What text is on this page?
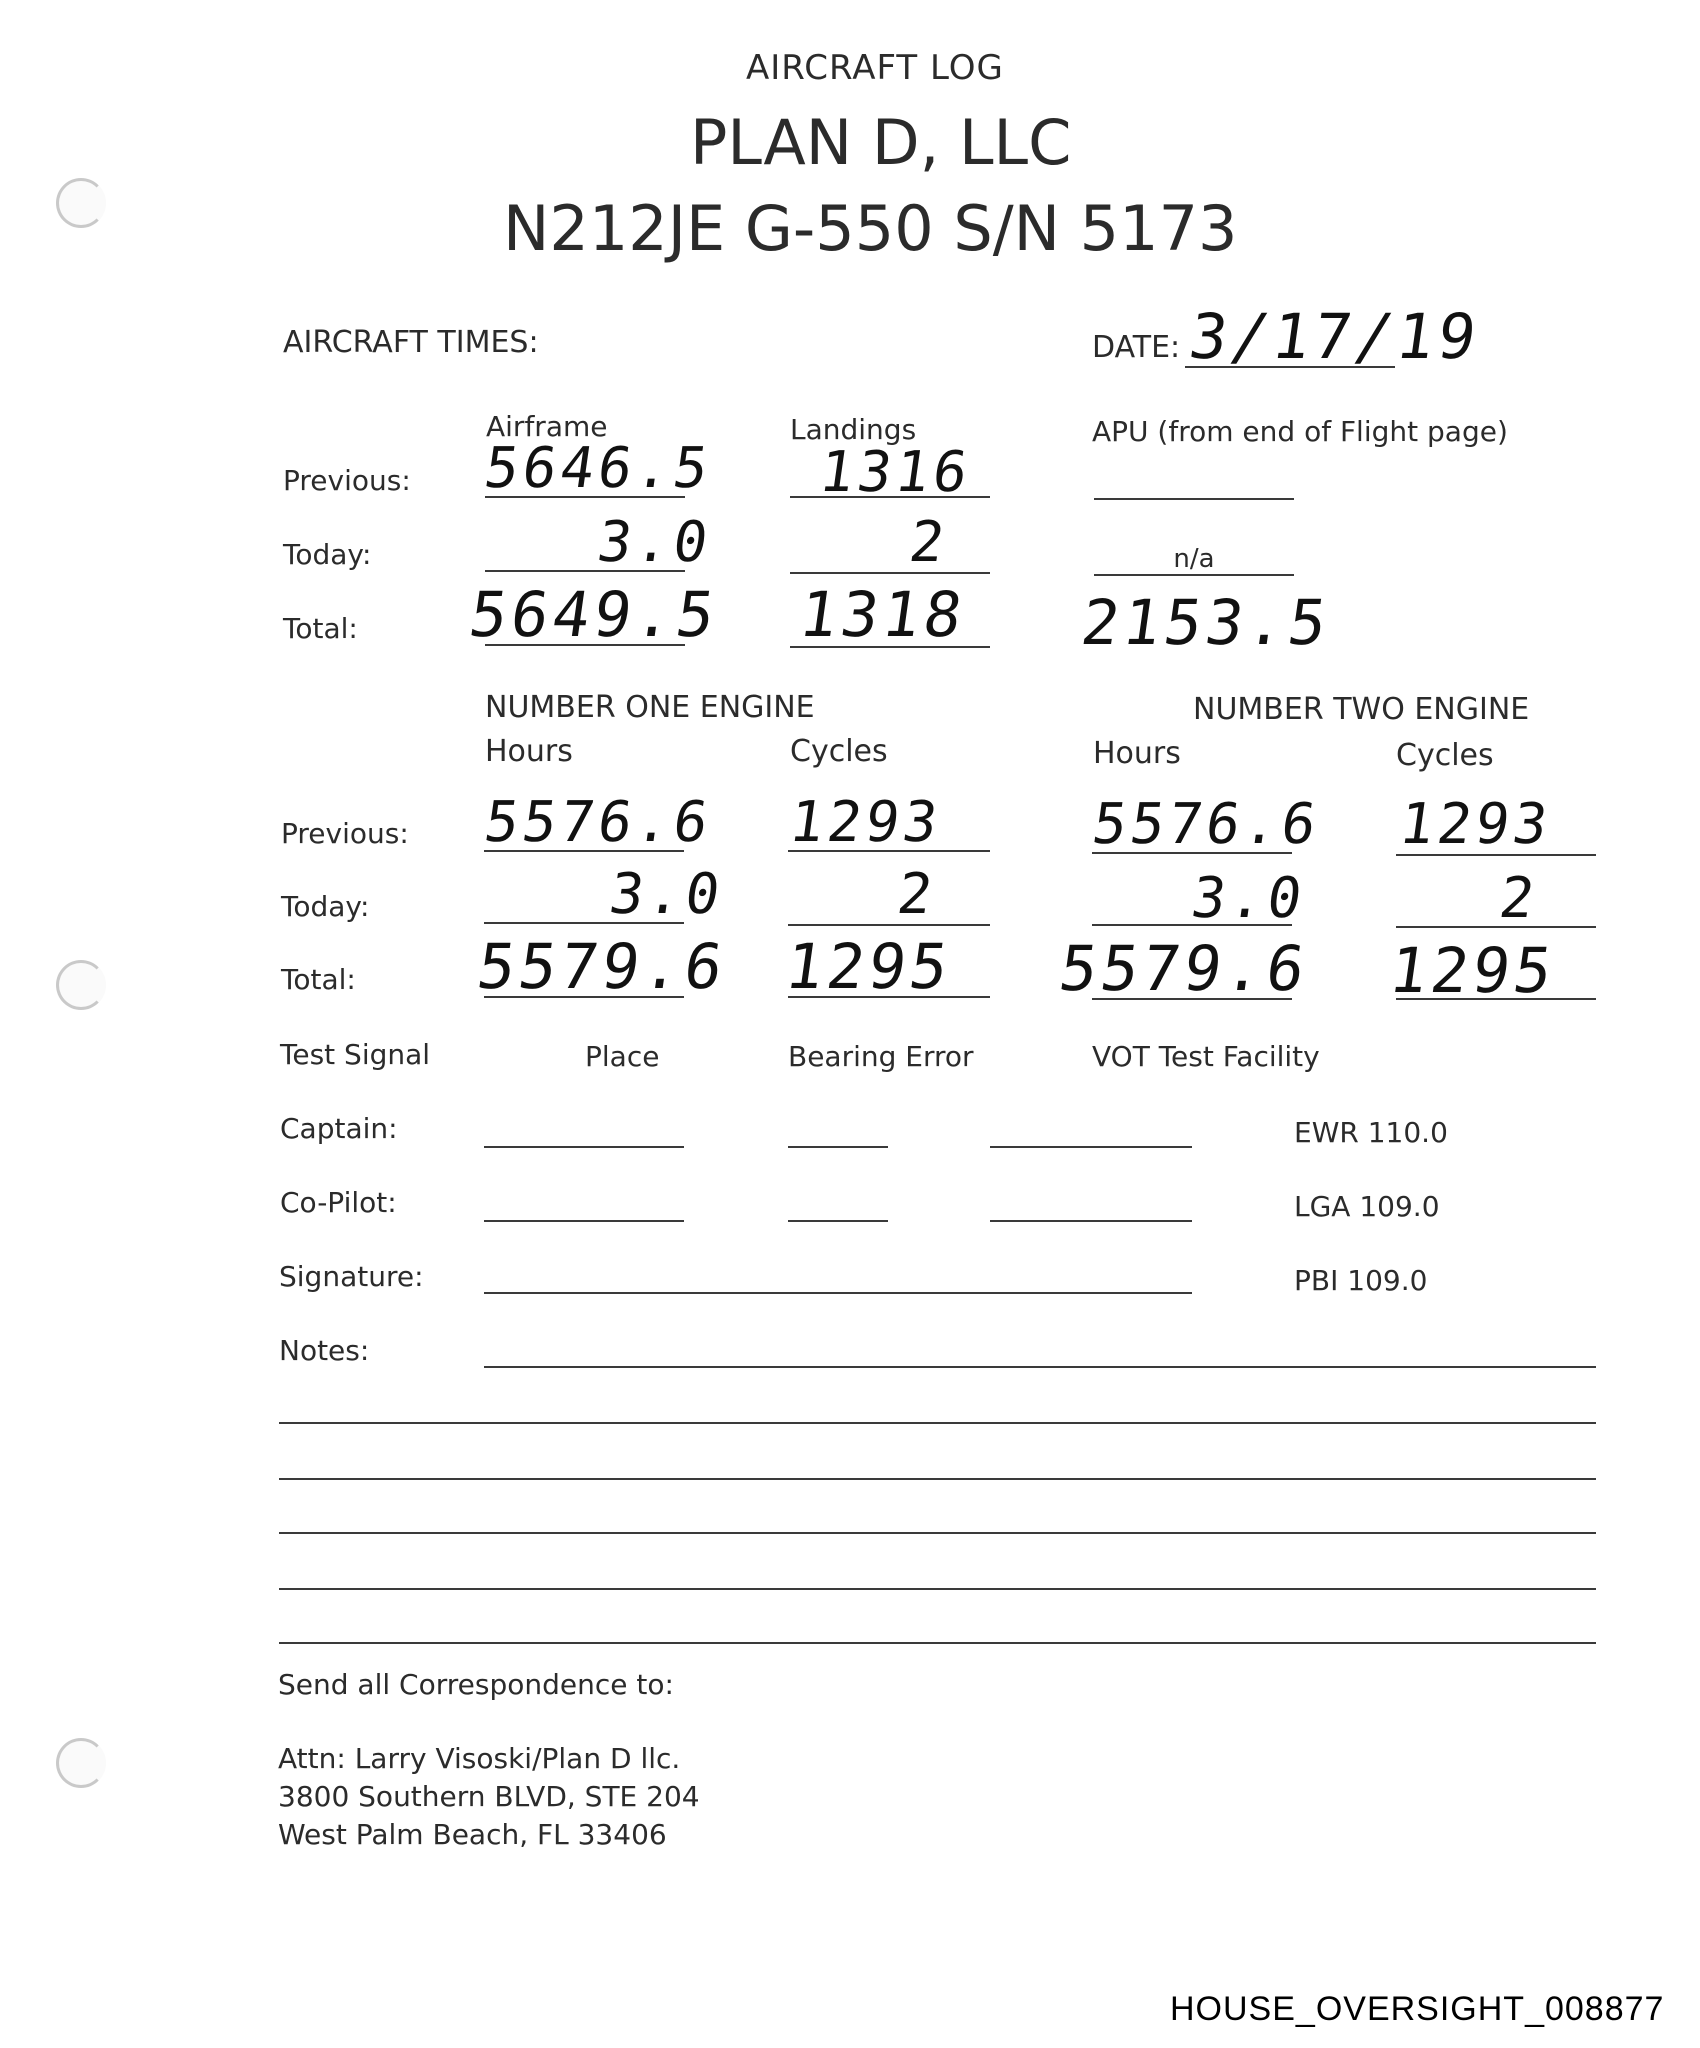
AIRCRAFT LOG
PLAN D, LLC
N212JE G-550 S/N 5173
AIRCRAFT TIMES:	DATE: 3/17/19
Airframe	Landings	APU (from end of Flight page)
Previous: 5646.5 1316
Today:	3.0	2	n/a
Total: 5649.5 1318 2153.5
NUMBER ONE ENGINE	NUMBER TWO ENGINE
Hours	Cycles	Hours	Cycles
Previous: 5576.6 1293	5576.6 1293
Today:	3.0	2	3.0	2
Total: 5579.6 1295 5579.6 1295
Test Signal	Place	Bearing Error	VOT Test Facility
Captain:	EWR 110.0
Co-Pilot:	LGA 109.0
Signature:	PBI 109.0
Notes:
Send all Correspondence to:
Attn: Larry Visoski/Plan D llc.
3800 Southern BLVD, STE 204
West Palm Beach, FL 33406
HOUSE_OVERSIGHT_008877
